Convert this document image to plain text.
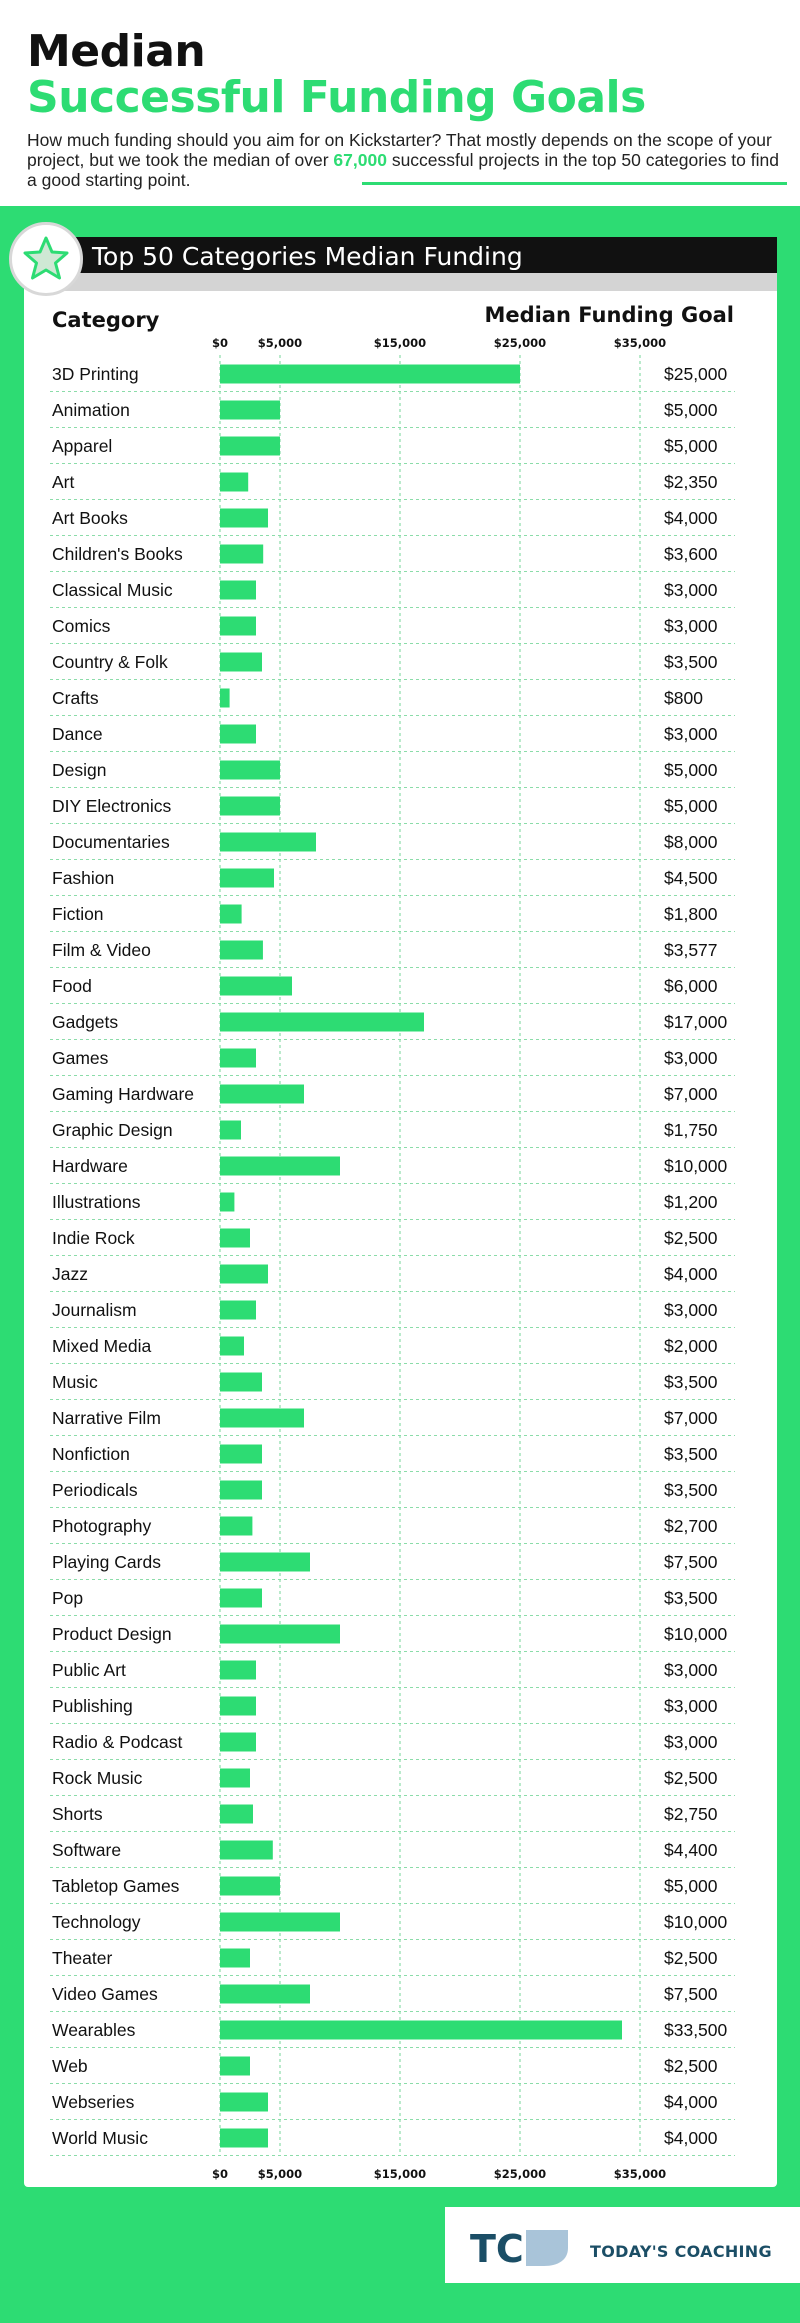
Median
Successful Funding Goals

How much funding should you aim for on Kickstarter? That mostly depends on the scope of your project, but we took the median of over 67,000 successful projects in the top 50 categories to find a good starting point.

Top 50 Categories Median Funding
Category	Median Funding Goal
$0
$0
$5,000
$5,000
$15,000
$15,000
$25,000
$25,000
$35,000
$35,000
3D Printing	$25,000
Animation	$5,000
Apparel	$5,000
Art	$2,350
Art Books	$4,000
Children's Books	$3,600
Classical Music	$3,000
Comics	$3,000
Country & Folk	$3,500
Crafts	$800
Dance	$3,000
Design	$5,000
DIY Electronics	$5,000
Documentaries	$8,000
Fashion	$4,500
Fiction	$1,800
Film & Video	$3,577
Food	$6,000
Gadgets	$17,000
Games	$3,000
Gaming Hardware	$7,000
Graphic Design	$1,750
Hardware	$10,000
Illustrations	$1,200
Indie Rock	$2,500
Jazz	$4,000
Journalism	$3,000
Mixed Media	$2,000
Music	$3,500
Narrative Film	$7,000
Nonfiction	$3,500
Periodicals	$3,500
Photography	$2,700
Playing Cards	$7,500
Pop	$3,500
Product Design	$10,000
Public Art	$3,000
Publishing	$3,000
Radio & Podcast	$3,000
Rock Music	$2,500
Shorts	$2,750
Software	$4,400
Tabletop Games	$5,000
Technology	$10,000
Theater	$2,500
Video Games	$7,500
Wearables	$33,500
Web	$2,500
Webseries	$4,000
World Music	$4,000
TC	TODAY'S COACHING
